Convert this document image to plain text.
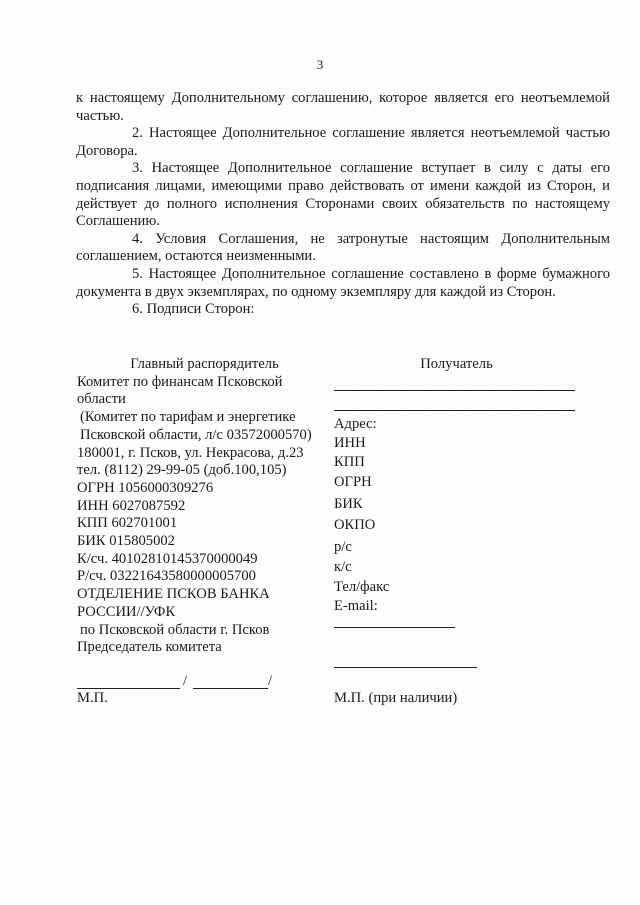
3

к настоящему Дополнительному соглашению, которое является его неотъемлемой частью.

2. Настоящее Дополнительное соглашение является неотъемлемой частью Договора.

3. Настоящее Дополнительное соглашение вступает в силу с даты его подписания лицами, имеющими право действовать от имени каждой из Сторон, и действует до полного исполнения Сторонами своих обязательств по настоящему Соглашению.

4. Условия Соглашения, не затронутые настоящим Дополнительным соглашением, остаются неизменными.

5. Настоящее Дополнительное соглашение составлено в форме бумажного документа в двух экземплярах, по одному экземпляру для каждой из Сторон.

6. Подписи Сторон:

Главный распорядитель
Комитет по финансам Псковской
области
(Комитет по тарифам и энергетике
Псковской области, л/с 03572000570)
180001, г. Псков, ул. Некрасова, д.23
тел. (8112) 29-99-05 (доб.100,105)
ОГРН 1056000309276
ИНН 6027087592
КПП 602701001
БИК 015805002
К/сч. 40102810145370000049
Р/сч. 03221643580000005700
ОТДЕЛЕНИЕ ПСКОВ БАНКА
РОССИИ//УФК
по Псковской области г. Псков
Председатель комитета
/	/
М.П.
Получатель
Адрес:
ИНН
КПП
ОГРН
БИК
ОКПО
р/с
к/с
Тел/факс
E-mail:
М.П. (при наличии)
